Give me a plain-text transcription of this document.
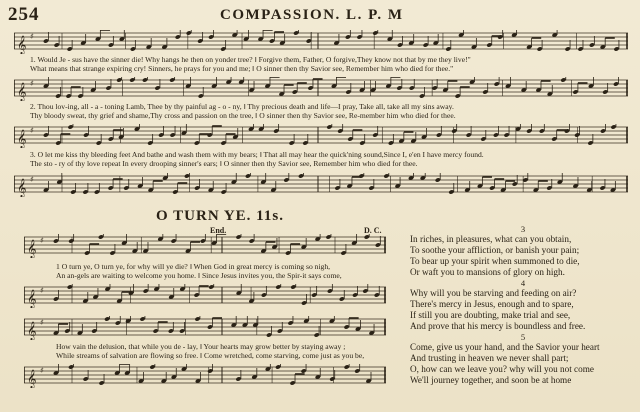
254	COMPASSION. L. P. M
𝄞 ♯
1. Would Je - sus have the sinner die! Why hangs he then on yonder tree? ‖ Forgive them, Father, O forgive,They know not that by me they live!"
What means that strange expiring cry! Sinners, he prays for you and me; ‖ O sinner then thy Savior see, Remember him who died for thee."
𝄞 ♯
2. Thou lov-ing, all - a - toning Lamb, Thee by thy painful ag - o - ny, ‖ Thy precious death and life—I pray, Take all, take all my sins away.
Thy bloody sweat, thy grief and shame,Thy cross and passion on the tree, ‖ O sinner then thy Savior see, Re-member him who died for thee.
𝄞 ♯
3. O let me kiss thy bleeding feet And bathe and wash them with my bears; ‖ That all may hear the quick'ning sound,Since I, e'en I have mercy found.
The sto - ry of thy love repeat In every drooping sinner's ears; ‖ O sinner then thy Savior see, Remember him who died for thee.
𝄞 ♯
O TURN YE. 11s.
End.	D. C.
𝄞 ♯
1 O turn ye, O turn ye, for why will ye die? ‖ When God in great mercy is coming so nigh,
An an-gels are waiting to welcome you home. ‖ Since Jesus invites you, the Spir-it says come,
𝄞 ♯
𝄞 ♯
How vain the delusion, that while you de - lay, ‖ Your hearts may grow better by staying away ;
While streams of salvation are flowing so free. ‖ Come wretched, come starving, come just as you be,
𝄞 ♯
3
In riches, in pleasures, what can you obtain,
To soothe your affliction, or banish your pain;
To bear up your spirit when summoned to die,
Or waft you to mansions of glory on high.
4
Why will you be starving and feeding on air?
There's mercy in Jesus, enough and to spare,
If still you are doubting, make trial and see,
And prove that his mercy is boundless and free.
5
Come, give us your hand, and the Savior your heart
And trusting in heaven we never shall part;
O, how can we leave you? why will you not come
We'll journey together, and soon be at home
